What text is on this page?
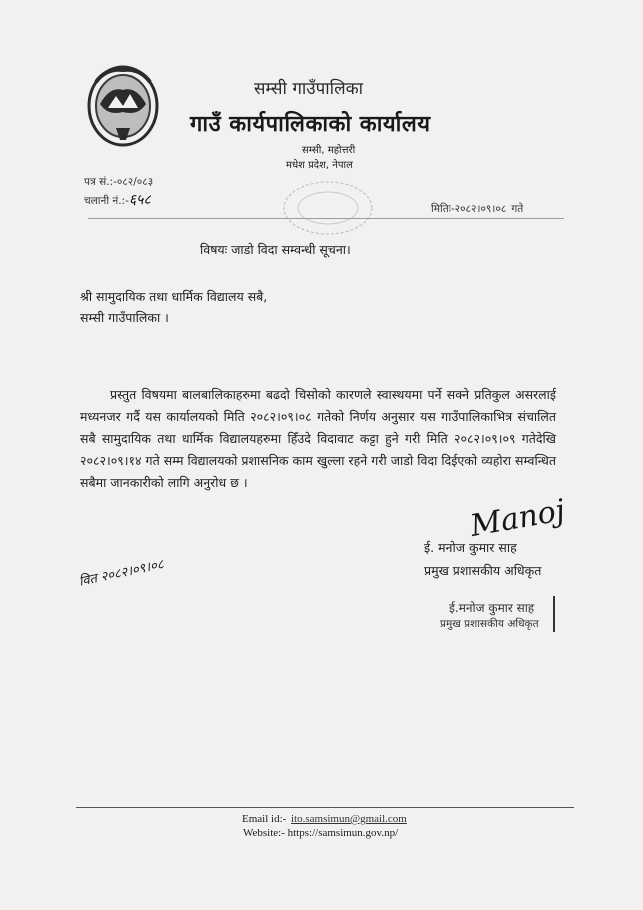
सम्सी गाउँपालिका
गाउँ कार्यपालिकाको कार्यालय
सम्सी, महोत्तरी
मधेश प्रदेश, नेपाल
पत्र सं.:-०८२/०८३
चलानी नं.:-६५८
मितिः-२०८२।०९।०८ गते
विषयः जाडो विदा सम्वन्धी सूचना।
श्री सामुदायिक तथा धार्मिक विद्यालय सबै,
सम्सी गाउँपालिका ।
प्रस्तुत विषयमा बालबालिकाहरुमा बढदो चिसोको कारणले स्वास्थयमा पर्ने सक्ने प्रतिकुल असरलाई मध्यनजर गर्दै यस कार्यालयको मिति २०८२।०९।०८ गतेको निर्णय अनुसार यस गाउँपालिकाभित्र संचालित सबै सामुदायिक तथा धार्मिक विद्यालयहरुमा हिँउदे विदावाट कट्टा हुने गरी मिति २०८२।०९।०९ गतेदेखि २०८२।०९।१४ गते सम्म विद्यालयको प्रशासनिक काम खुल्ला रहने गरी जाडो विदा दिईएको व्यहोरा सम्वन्धित सबैमा जानकारीको लागि अनुरोध छ ।
Manoj
ई. मनोज कुमार साह
प्रमुख प्रशासकीय अधिकृत
ई.मनोज कुमार साह
प्रमुख प्रशासकीय अधिकृत
वित २०८२।०९।०८
Email id:- ito.samsimun@gmail.com
Website:- https://samsimun.gov.np/
